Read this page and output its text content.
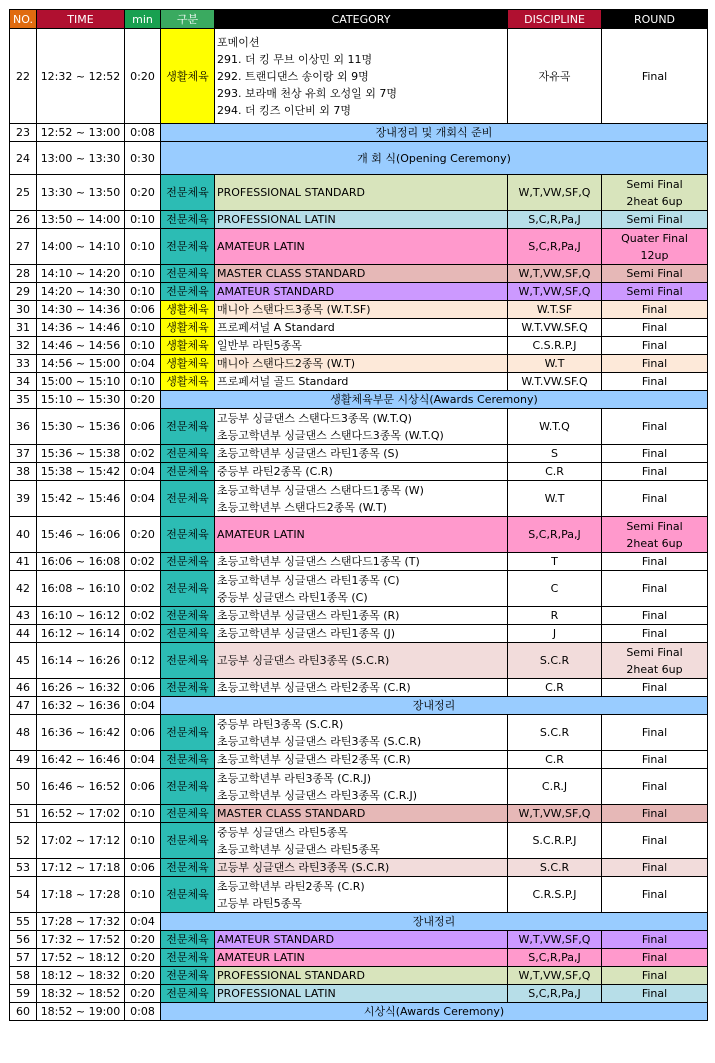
NO.	TIME	min	구분	CATEGORY	DISCIPLINE	ROUND
22	12:32 ~ 12:52	0:20	생활체육	포메이션
291. 더 킹 무브 이상민 외 11명
292. 트랜디댄스 송이랑 외 9명
293. 보라매 천상 유희 오성일 외 7명
294. 더 킹즈 이단비 외 7명	자유곡	Final

23	12:52 ~ 13:00	0:08	장내정리 및 개회식 준비			
24	13:00 ~ 13:30	0:30	개 회 식(Opening Ceremony)			
25	13:30 ~ 13:50	0:20	전문체육	PROFESSIONAL STANDARD	W,T,VW,SF,Q	Semi Final
2heat 6up

26	13:50 ~ 14:00	0:10	전문체육	PROFESSIONAL LATIN	S,C,R,Pa,J	Semi Final

27	14:00 ~ 14:10	0:10	전문체육	AMATEUR LATIN	S,C,R,Pa,J	Quater Final
12up

28	14:10 ~ 14:20	0:10	전문체육	MASTER CLASS STANDARD	W,T,VW,SF,Q	Semi Final

29	14:20 ~ 14:30	0:10	전문체육	AMATEUR STANDARD	W,T,VW,SF,Q	Semi Final

30	14:30 ~ 14:36	0:06	생활체육	매니아 스탠다드3종목 (W.T.SF)	W.T.SF	Final

31	14:36 ~ 14:46	0:10	생활체육	프로페셔널 A Standard	W.T.VW.SF.Q	Final

32	14:46 ~ 14:56	0:10	생활체육	일반부 라틴5종목	C.S.R.P.J	Final

33	14:56 ~ 15:00	0:04	생활체육	매니아 스탠다드2종목 (W.T)	W.T	Final

34	15:00 ~ 15:10	0:10	생활체육	프로페셔널 골드 Standard	W.T.VW.SF.Q	Final

35	15:10 ~ 15:30	0:20	생활체육부문 시상식(Awards Ceremony)			
36	15:30 ~ 15:36	0:06	전문체육	고등부 싱글댄스 스탠다드3종목 (W.T.Q)
초등고학년부 싱글댄스 스탠다드3종목 (W.T.Q)	W.T.Q	Final

37	15:36 ~ 15:38	0:02	전문체육	초등고학년부 싱글댄스 라틴1종목 (S)	S	Final

38	15:38 ~ 15:42	0:04	전문체육	중등부 라틴2종목 (C.R)	C.R	Final

39	15:42 ~ 15:46	0:04	전문체육	초등고학년부 싱글댄스 스탠다드1종목 (W)
초등고학년부 스탠다드2종목 (W.T)	W.T	Final

40	15:46 ~ 16:06	0:20	전문체육	AMATEUR LATIN	S,C,R,Pa,J	Semi Final
2heat 6up

41	16:06 ~ 16:08	0:02	전문체육	초등고학년부 싱글댄스 스탠다드1종목 (T)	T	Final

42	16:08 ~ 16:10	0:02	전문체육	초등고학년부 싱글댄스 라틴1종목 (C)
중등부 싱글댄스 라틴1종목 (C)	C	Final

43	16:10 ~ 16:12	0:02	전문체육	초등고학년부 싱글댄스 라틴1종목 (R)	R	Final

44	16:12 ~ 16:14	0:02	전문체육	초등고학년부 싱글댄스 라틴1종목 (J)	J	Final

45	16:14 ~ 16:26	0:12	전문체육	고등부 싱글댄스 라틴3종목 (S.C.R)	S.C.R	Semi Final
2heat 6up

46	16:26 ~ 16:32	0:06	전문체육	초등고학년부 싱글댄스 라틴2종목 (C.R)	C.R	Final

47	16:32 ~ 16:36	0:04	장내정리			
48	16:36 ~ 16:42	0:06	전문체육	중등부 라틴3종목 (S.C.R)
초등고학년부 싱글댄스 라틴3종목 (S.C.R)	S.C.R	Final

49	16:42 ~ 16:46	0:04	전문체육	초등고학년부 싱글댄스 라틴2종목 (C.R)	C.R	Final

50	16:46 ~ 16:52	0:06	전문체육	초등고학년부 라틴3종목 (C.R.J)
초등고학년부 싱글댄스 라틴3종목 (C.R.J)	C.R.J	Final

51	16:52 ~ 17:02	0:10	전문체육	MASTER CLASS STANDARD	W,T,VW,SF,Q	Final

52	17:02 ~ 17:12	0:10	전문체육	중등부 싱글댄스 라틴5종목
초등고학년부 싱글댄스 라틴5종목	S.C.R.P.J	Final

53	17:12 ~ 17:18	0:06	전문체육	고등부 싱글댄스 라틴3종목 (S.C.R)	S.C.R	Final

54	17:18 ~ 17:28	0:10	전문체육	초등고학년부 라틴2종목 (C.R)
고등부 라틴5종목	C.R.S.P.J	Final

55	17:28 ~ 17:32	0:04	장내정리			
56	17:32 ~ 17:52	0:20	전문체육	AMATEUR STANDARD	W,T,VW,SF,Q	Final

57	17:52 ~ 18:12	0:20	전문체육	AMATEUR LATIN	S,C,R,Pa,J	Final

58	18:12 ~ 18:32	0:20	전문체육	PROFESSIONAL STANDARD	W,T,VW,SF,Q	Final

59	18:32 ~ 18:52	0:20	전문체육	PROFESSIONAL LATIN	S,C,R,Pa,J	Final

60	18:52 ~ 19:00	0:08	시상식(Awards Ceremony)			
